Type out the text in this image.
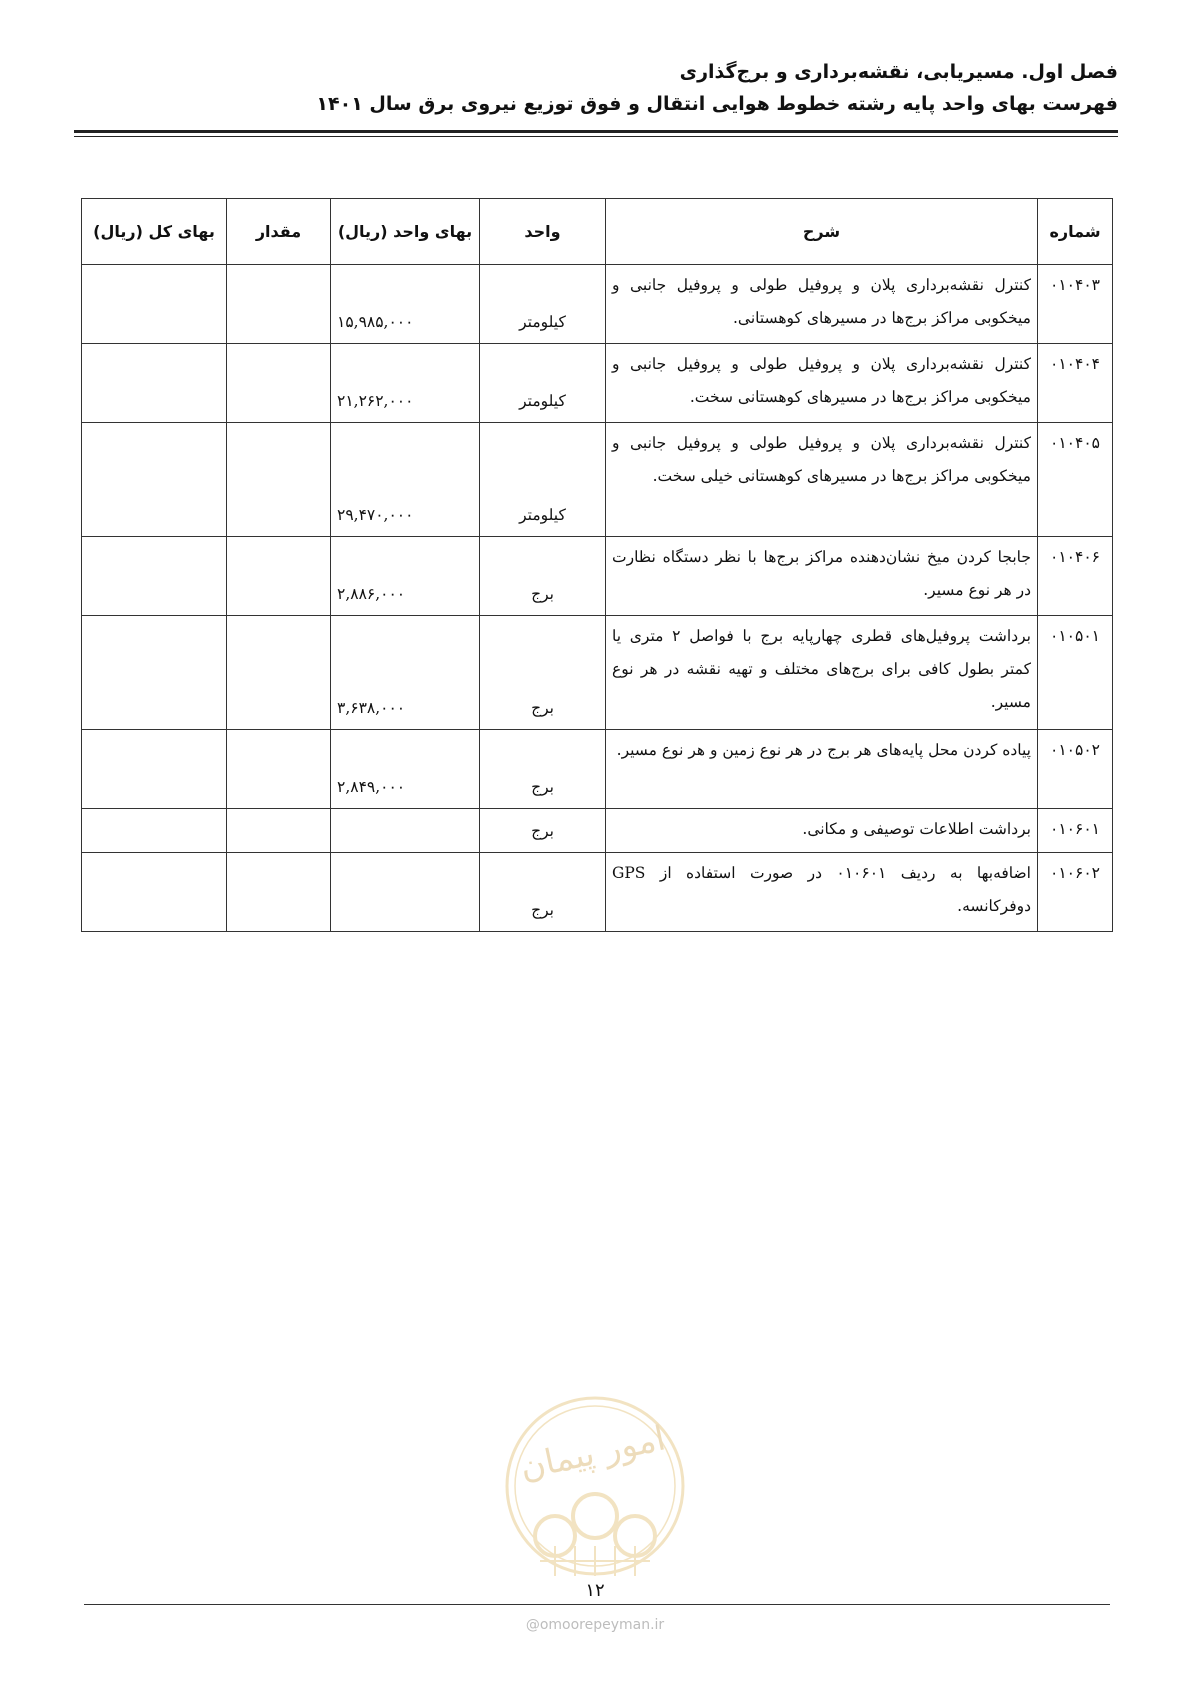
فصل اول. مسیریابی، نقشه‌برداری و برج‌گذاری
فهرست بهای واحد پایه رشته خطوط هوایی انتقال و فوق توزیع نیروی برق سال ۱۴۰۱
شماره	شرح	واحد	بهای واحد (ریال)	مقدار	بهای کل (ریال)
۰۱۰۴۰۳	کنترل نقشه‌برداری پلان و پروفیل طولی و پروفیل جانبی و میخکوبی مراکز برج‌ها در مسیرهای کوهستانی.	کیلومتر	۱۵,۹۸۵,۰۰۰		
۰۱۰۴۰۴	کنترل نقشه‌برداری پلان و پروفیل طولی و پروفیل جانبی و میخکوبی مراکز برج‌ها در مسیرهای کوهستانی سخت.	کیلومتر	۲۱,۲۶۲,۰۰۰		
۰۱۰۴۰۵	کنترل نقشه‌برداری پلان و پروفیل طولی و پروفیل جانبی و میخکوبی مراکز برج‌ها در مسیرهای کوهستانی خیلی سخت.	کیلومتر	۲۹,۴۷۰,۰۰۰		
۰۱۰۴۰۶	جابجا کردن میخ نشان‌دهنده مراکز برج‌ها با نظر دستگاه نظارت در هر نوع مسیر.	برج	۲,۸۸۶,۰۰۰		
۰۱۰۵۰۱	برداشت پروفیل‌های قطری چهارپایه برج با فواصل ۲ متری یا کمتر بطول کافی برای برج‌های مختلف و تهیه نقشه در هر نوع مسیر.	برج	۳,۶۳۸,۰۰۰		
۰۱۰۵۰۲	پیاده کردن محل پایه‌های هر برج در هر نوع زمین و هر نوع مسیر.	برج	۲,۸۴۹,۰۰۰		
۰۱۰۶۰۱	برداشت اطلاعات توصیفی و مکانی.	برج			
۰۱۰۶۰۲	اضافه‌بها به ردیف ۰۱۰۶۰۱ در صورت استفاده از GPS دوفرکانسه.	برج			
امور پیمان
۱۲
@omoorepeyman.ir
